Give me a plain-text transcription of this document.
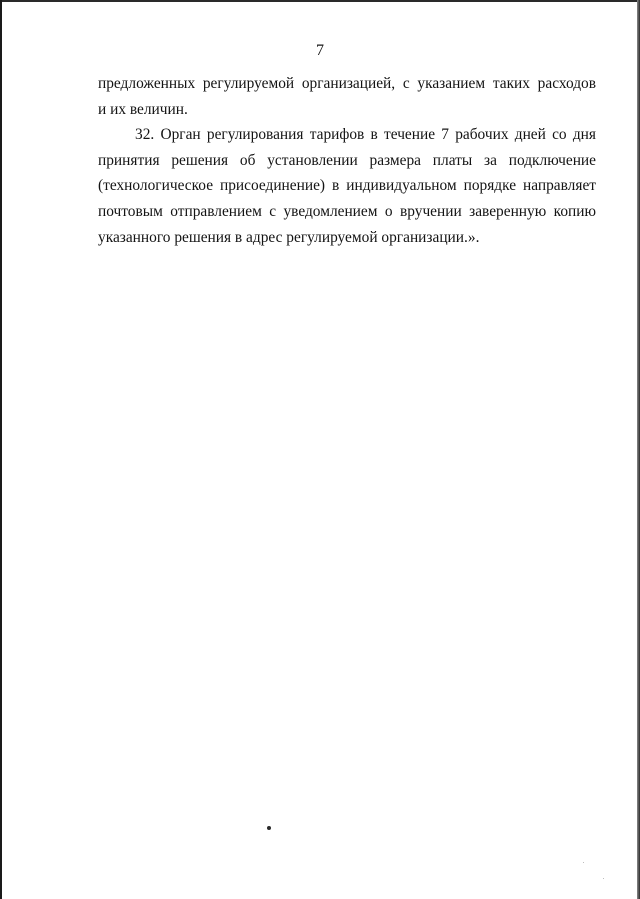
7

предложенных регулируемой организацией, с указанием таких расходов
и их величин.

32. Орган регулирования тарифов в течение 7 рабочих дней со дня
принятия решения об установлении размера платы за подключение
(технологическое присоединение) в индивидуальном порядке направляет
почтовым отправлением с уведомлением о вручении заверенную копию
указанного решения в адрес регулируемой организации.».
